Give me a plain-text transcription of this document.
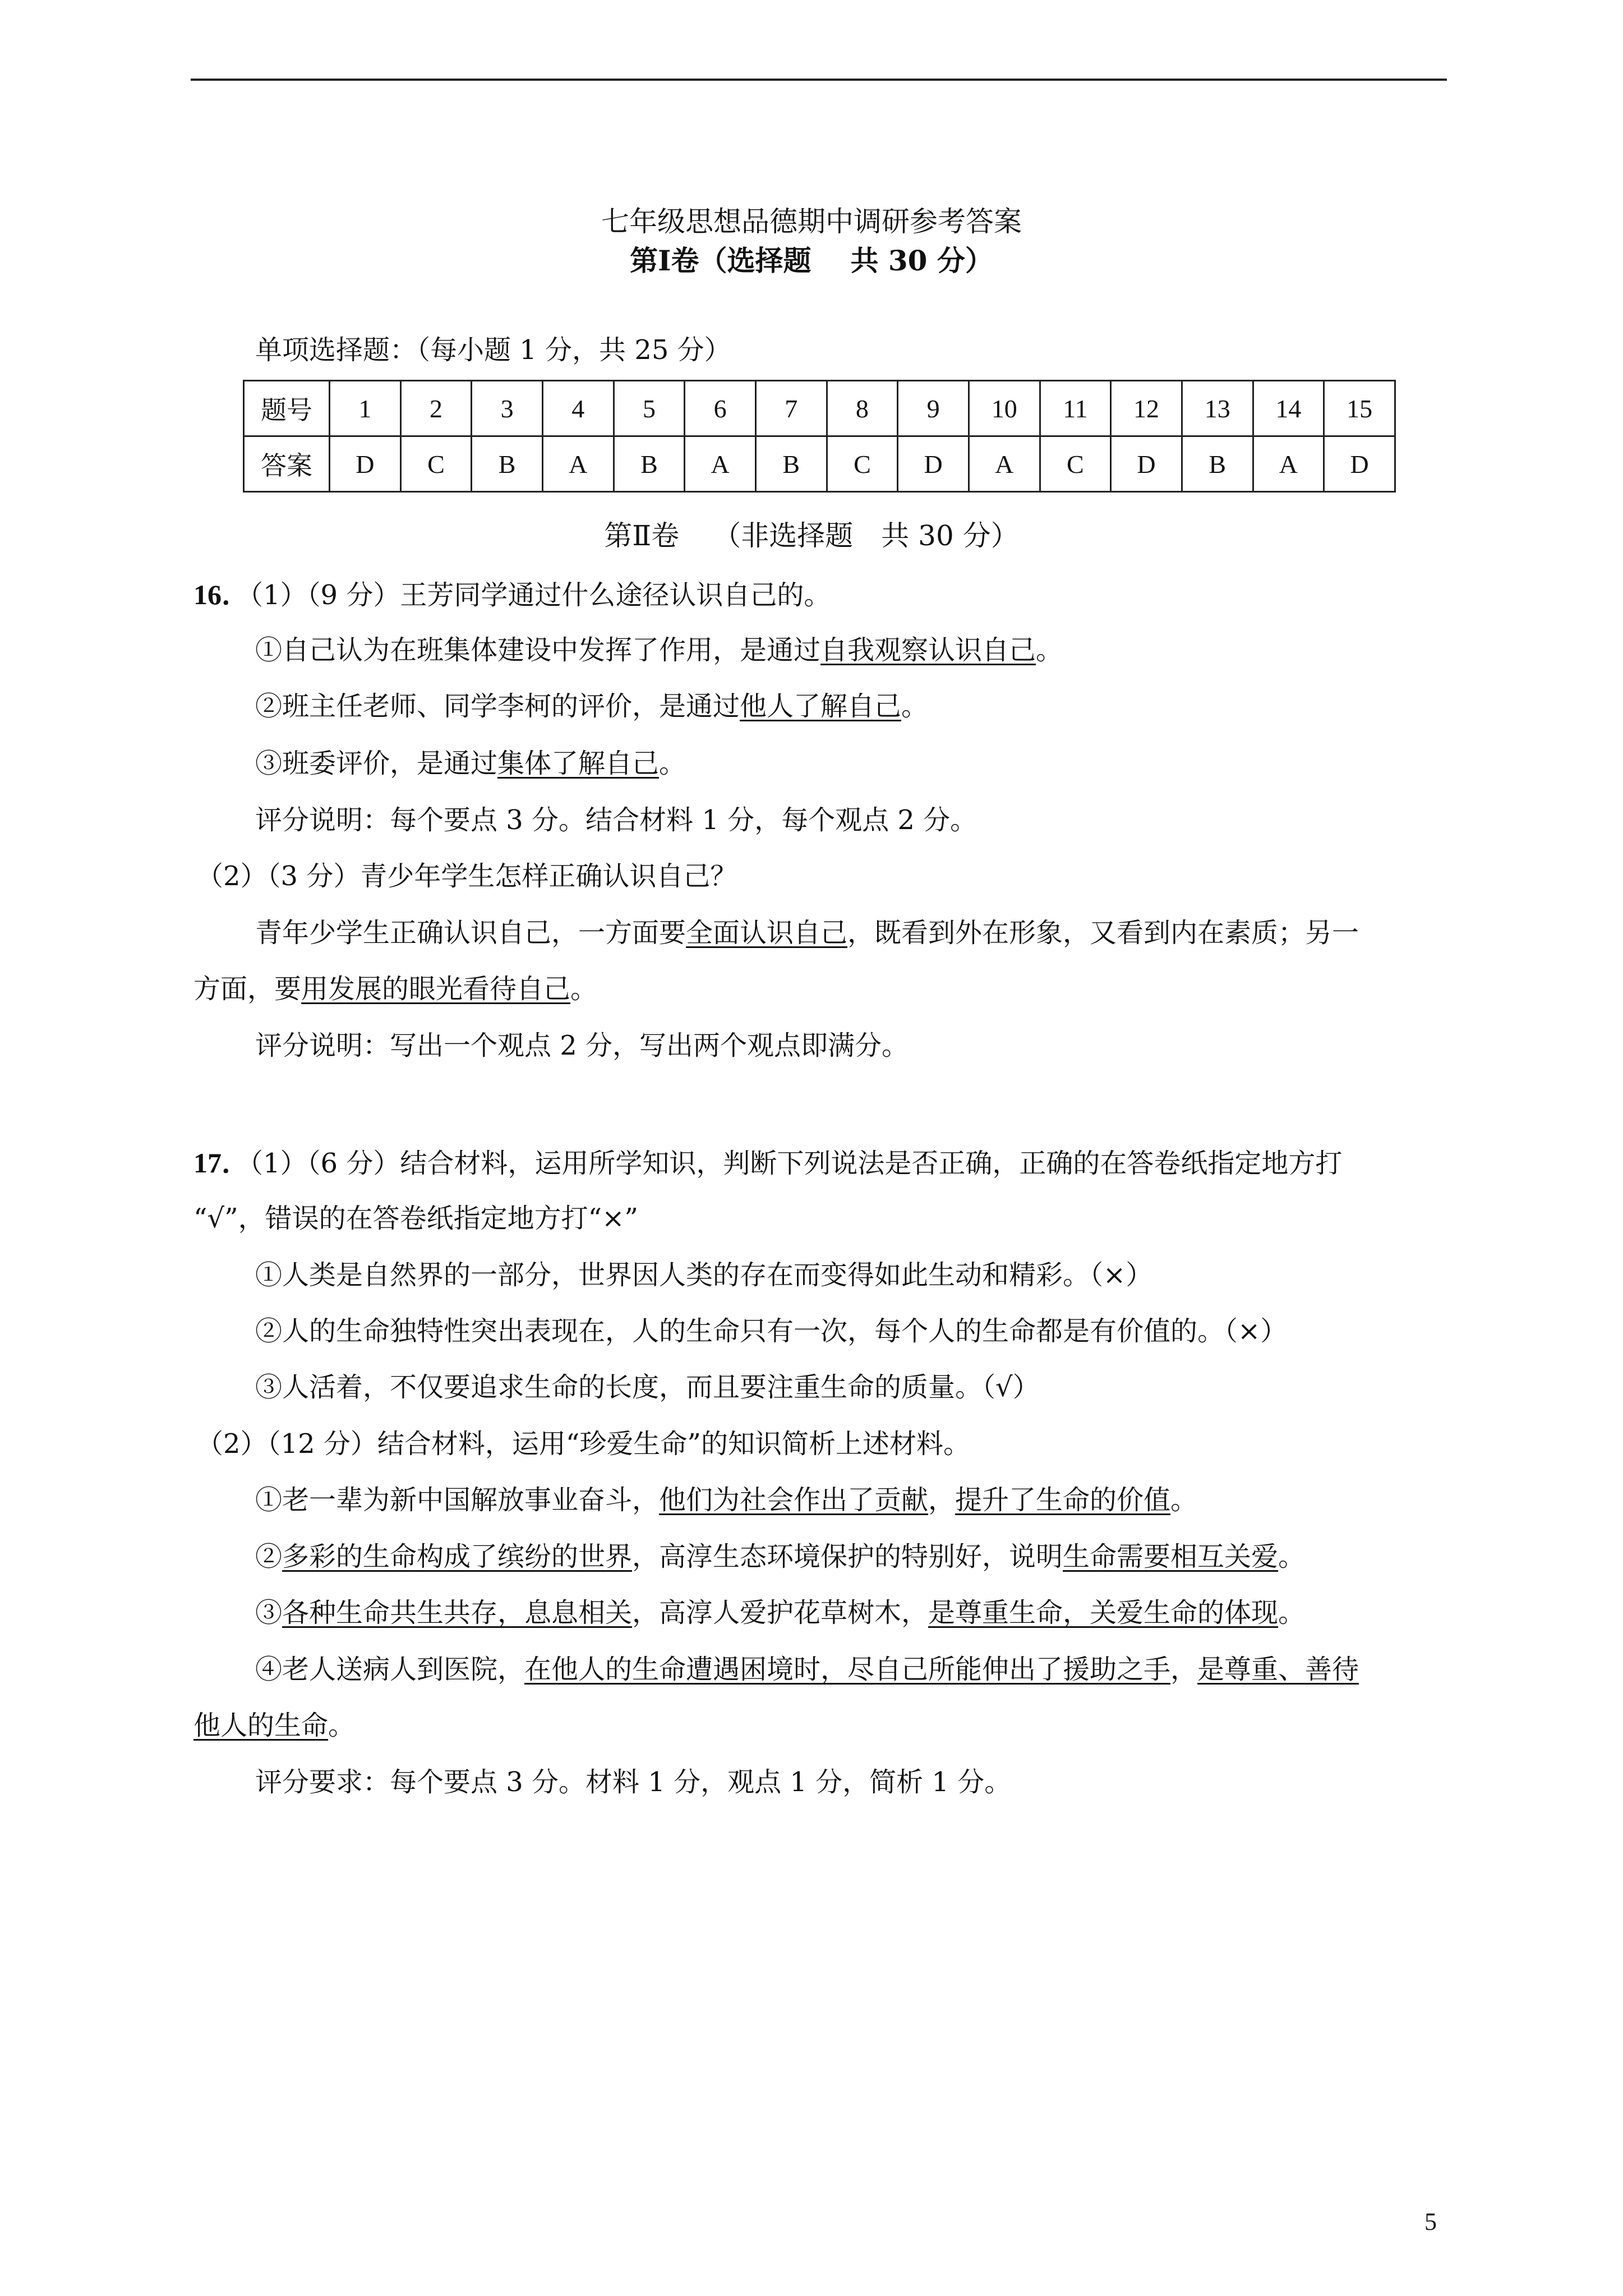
七年级思想品德期中调研参考答案
第Ⅰ卷（选择题 共 30 分）
单项选择题：（每小题 1 分，共 25 分）
题号	1	2	3	4	5	6	7	8	9	10	11	12	13	14	15
答案	D	C	B	A	B	A	B	C	D	A	C	D	B	A	D
第Ⅱ卷 （非选择题　共 30 分）
16．（1）（9 分）王芳同学通过什么途径认识自己的。
①自己认为在班集体建设中发挥了作用，是通过自我观察认识自己。
②班主任老师、同学李柯的评价，是通过他人了解自己。
③班委评价，是通过集体了解自己。
评分说明：每个要点 3 分。结合材料 1 分，每个观点 2 分。
（2）（3 分）青少年学生怎样正确认识自己？
青年少学生正确认识自己，一方面要全面认识自己，既看到外在形象，又看到内在素质；另一
方面，要用发展的眼光看待自己。
评分说明：写出一个观点 2 分，写出两个观点即满分。
17．（1）（6 分）结合材料，运用所学知识，判断下列说法是否正确，正确的在答卷纸指定地方打
“√”，错误的在答卷纸指定地方打“×”
①人类是自然界的一部分，世界因人类的存在而变得如此生动和精彩。（×）
②人的生命独特性突出表现在，人的生命只有一次，每个人的生命都是有价值的。（×）
③人活着，不仅要追求生命的长度，而且要注重生命的质量。（√）
（2）（12 分）结合材料，运用“珍爱生命”的知识简析上述材料。
①老一辈为新中国解放事业奋斗，他们为社会作出了贡献，提升了生命的价值。
②多彩的生命构成了缤纷的世界，高淳生态环境保护的特别好，说明生命需要相互关爱。
③各种生命共生共存，息息相关，高淳人爱护花草树木，是尊重生命，关爱生命的体现。
④老人送病人到医院，在他人的生命遭遇困境时，尽自己所能伸出了援助之手，是尊重、善待
他人的生命。
评分要求：每个要点 3 分。材料 1 分，观点 1 分，简析 1 分。
5
